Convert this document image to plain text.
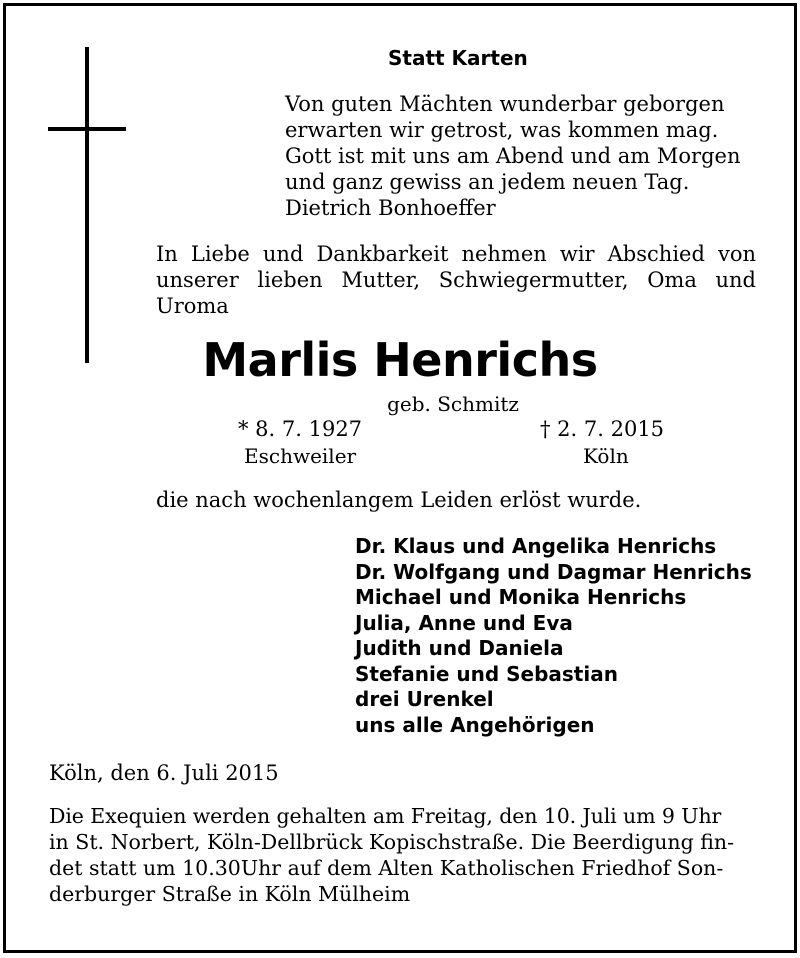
Statt Karten
Von guten Mächten wunderbar geborgen
erwarten wir getrost, was kommen mag.
Gott ist mit uns am Abend und am Morgen
und ganz gewiss an jedem neuen Tag.
Dietrich Bonhoeffer
In Liebe und Dankbarkeit nehmen wir Abschied von unserer lieben Mutter, Schwiegermutter, Oma und Uroma
Marlis Henrichs
geb. Schmitz
* 8. 7. 1927	† 2. 7. 2015
Eschweiler	Köln
die nach wochenlangem Leiden erlöst wurde.
Dr. Klaus und Angelika Henrichs
Dr. Wolfgang und Dagmar Henrichs
Michael und Monika Henrichs
Julia, Anne und Eva
Judith und Daniela
Stefanie und Sebastian
drei Urenkel
uns alle Angehörigen
Köln, den 6. Juli 2015
Die Exequien werden gehalten am Freitag, den 10. Juli um 9 Uhr
in St. Norbert, Köln-Dellbrück Kopischstraße. Die Beerdigung fin-
det statt um 10.30Uhr auf dem Alten Katholischen Friedhof Son-
derburger Straße in Köln Mülheim
